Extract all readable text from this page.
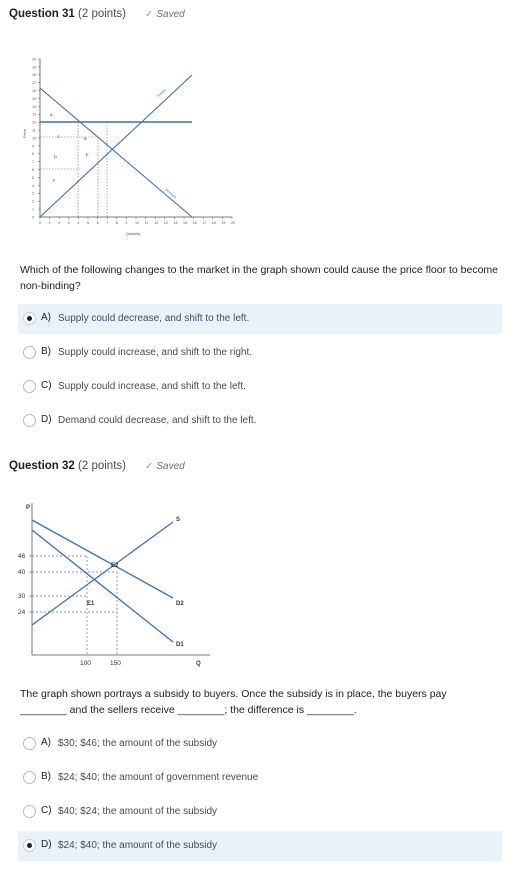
Question 31 (2 points) ✓ Saved
Price
20
19
18
17
16
15
14
13
12
11
10
9
8
7
6
5
4
3
2
1
0
0 1 2 3 4 5 6 7 8 9 10 11 12 13 14 15 16 17 18 19 20
Supply
Demand
A
B
C
D	E
F
Quantity
Which of the following changes to the market in the graph shown could cause the price floor to become non-binding?
A) Supply could decrease, and shift to the left.
B) Supply could increase, and shift to the right.
C) Supply could increase, and shift to the left.
D) Demand could decrease, and shift to the left.
Question 32 (2 points) ✓ Saved
P
46
40
30
24
100	150	Q
S
D2
D1
E2
E1
The graph shown portrays a subsidy to buyers. Once the subsidy is in place, the buyers pay
________ and the sellers receive ________; the difference is ________.
A) $30; $46; the amount of the subsidy
B) $24; $40; the amount of government revenue
C) $40; $24; the amount of the subsidy
D) $24; $40; the amount of the subsidy
